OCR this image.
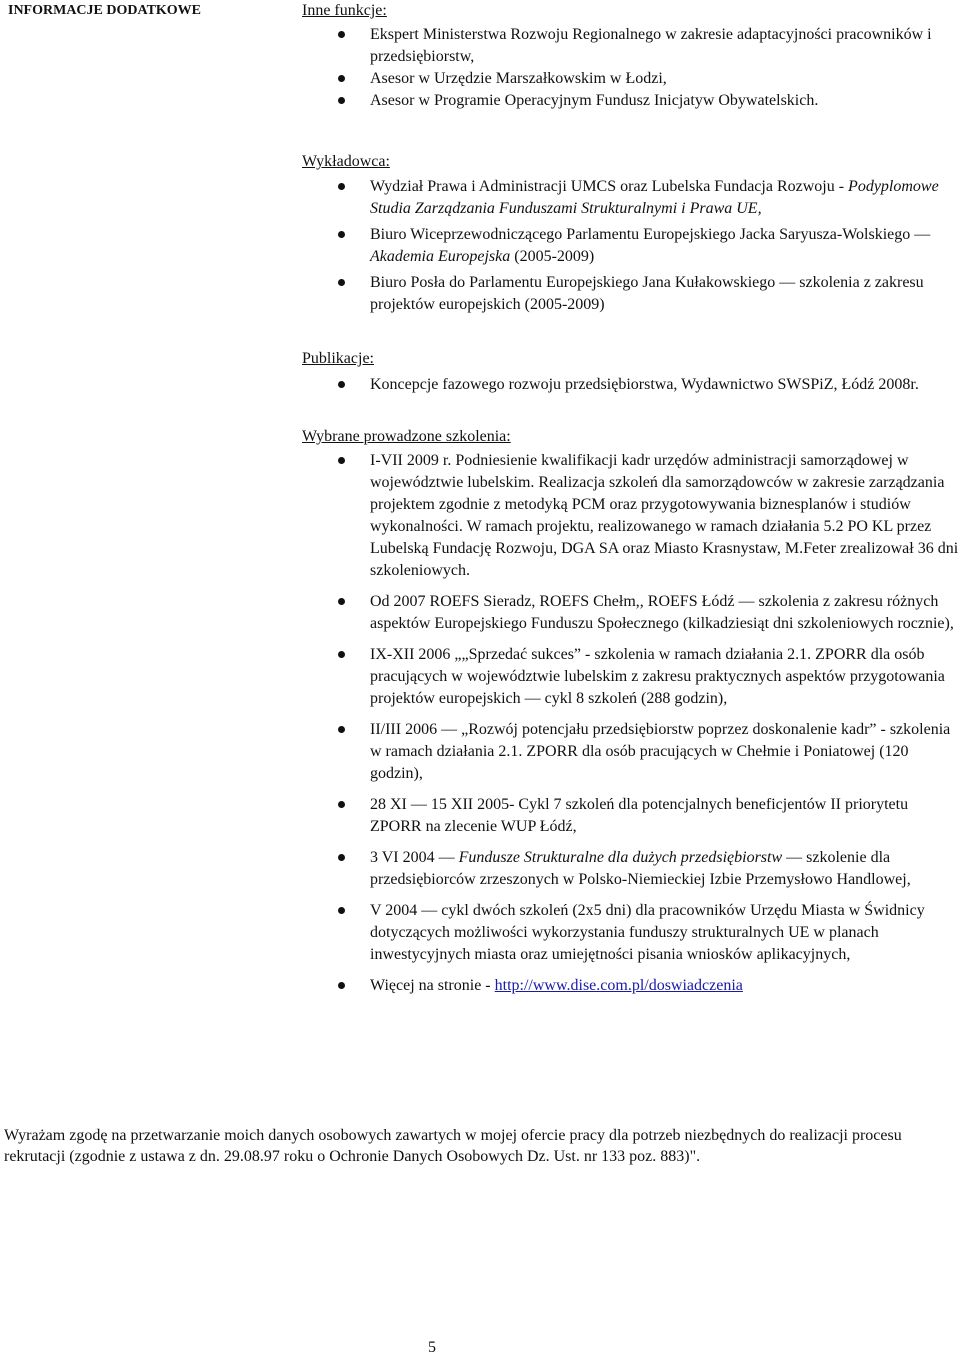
INFORMACJE DODATKOWE	Inne funkcje:

Ekspert Ministerstwa Rozwoju Regionalnego w zakresie adaptacyjności pracowników i przedsiębiorstw,
Asesor w Urzędzie Marszałkowskim w Łodzi,
Asesor w Programie Operacyjnym Fundusz Inicjatyw Obywatelskich.

Wykładowca:

Wydział Prawa i Administracji UMCS oraz Lubelska Fundacja Rozwoju - Podyplomowe Studia Zarządzania Funduszami Strukturalnymi i Prawa UE,
Biuro Wiceprzewodniczącego Parlamentu Europejskiego Jacka Saryusza-Wolskiego — Akademia Europejska (2005-2009)
Biuro Posła do Parlamentu Europejskiego Jana Kułakowskiego — szkolenia z zakresu projektów europejskich (2005-2009)

Publikacje:

Koncepcje fazowego rozwoju przedsiębiorstwa, Wydawnictwo SWSPiZ, Łódź 2008r.

Wybrane prowadzone szkolenia:

I-VII 2009 r. Podniesienie kwalifikacji kadr urzędów administracji samorządowej w województwie lubelskim. Realizacja szkoleń dla samorządowców w zakresie zarządzania projektem zgodnie z metodyką PCM oraz przygotowywania biznesplanów i studiów wykonalności. W ramach projektu, realizowanego w ramach działania 5.2 PO KL przez Lubelską Fundację Rozwoju, DGA SA oraz Miasto Krasnystaw, M.Feter zrealizował 36 dni szkoleniowych.
Od 2007 ROEFS Sieradz, ROEFS Chełm,, ROEFS Łódź — szkolenia z zakresu różnych aspektów Europejskiego Funduszu Społecznego (kilkadziesiąt dni szkoleniowych rocznie),
IX-XII 2006 „„Sprzedać sukces” - szkolenia w ramach działania 2.1. ZPORR dla osób pracujących w województwie lubelskim z zakresu praktycznych aspektów przygotowania projektów europejskich — cykl 8 szkoleń (288 godzin),
II/III 2006 — „Rozwój potencjału przedsiębiorstw poprzez doskonalenie kadr” - szkolenia w ramach działania 2.1. ZPORR dla osób pracujących w Chełmie i Poniatowej (120 godzin),
28 XI — 15 XII 2005- Cykl 7 szkoleń dla potencjalnych beneficjentów II priorytetu ZPORR na zlecenie WUP Łódź,
3 VI 2004 — Fundusze Strukturalne dla dużych przedsiębiorstw — szkolenie dla przedsiębiorców zrzeszonych w Polsko-Niemieckiej Izbie Przemysłowo Handlowej,
V 2004 — cykl dwóch szkoleń (2x5 dni) dla pracowników Urzędu Miasta w Świdnicy dotyczących możliwości wykorzystania funduszy strukturalnych UE w planach inwestycyjnych miasta oraz umiejętności pisania wniosków aplikacyjnych,
Więcej na stronie - http://www.dise.com.pl/doswiadczenia
Wyrażam zgodę na przetwarzanie moich danych osobowych zawartych w mojej ofercie pracy dla potrzeb niezbędnych do realizacji procesu rekrutacji (zgodnie z ustawa z dn. 29.08.97 roku o Ochronie Danych Osobowych Dz. Ust. nr 133 poz. 883)".
5
